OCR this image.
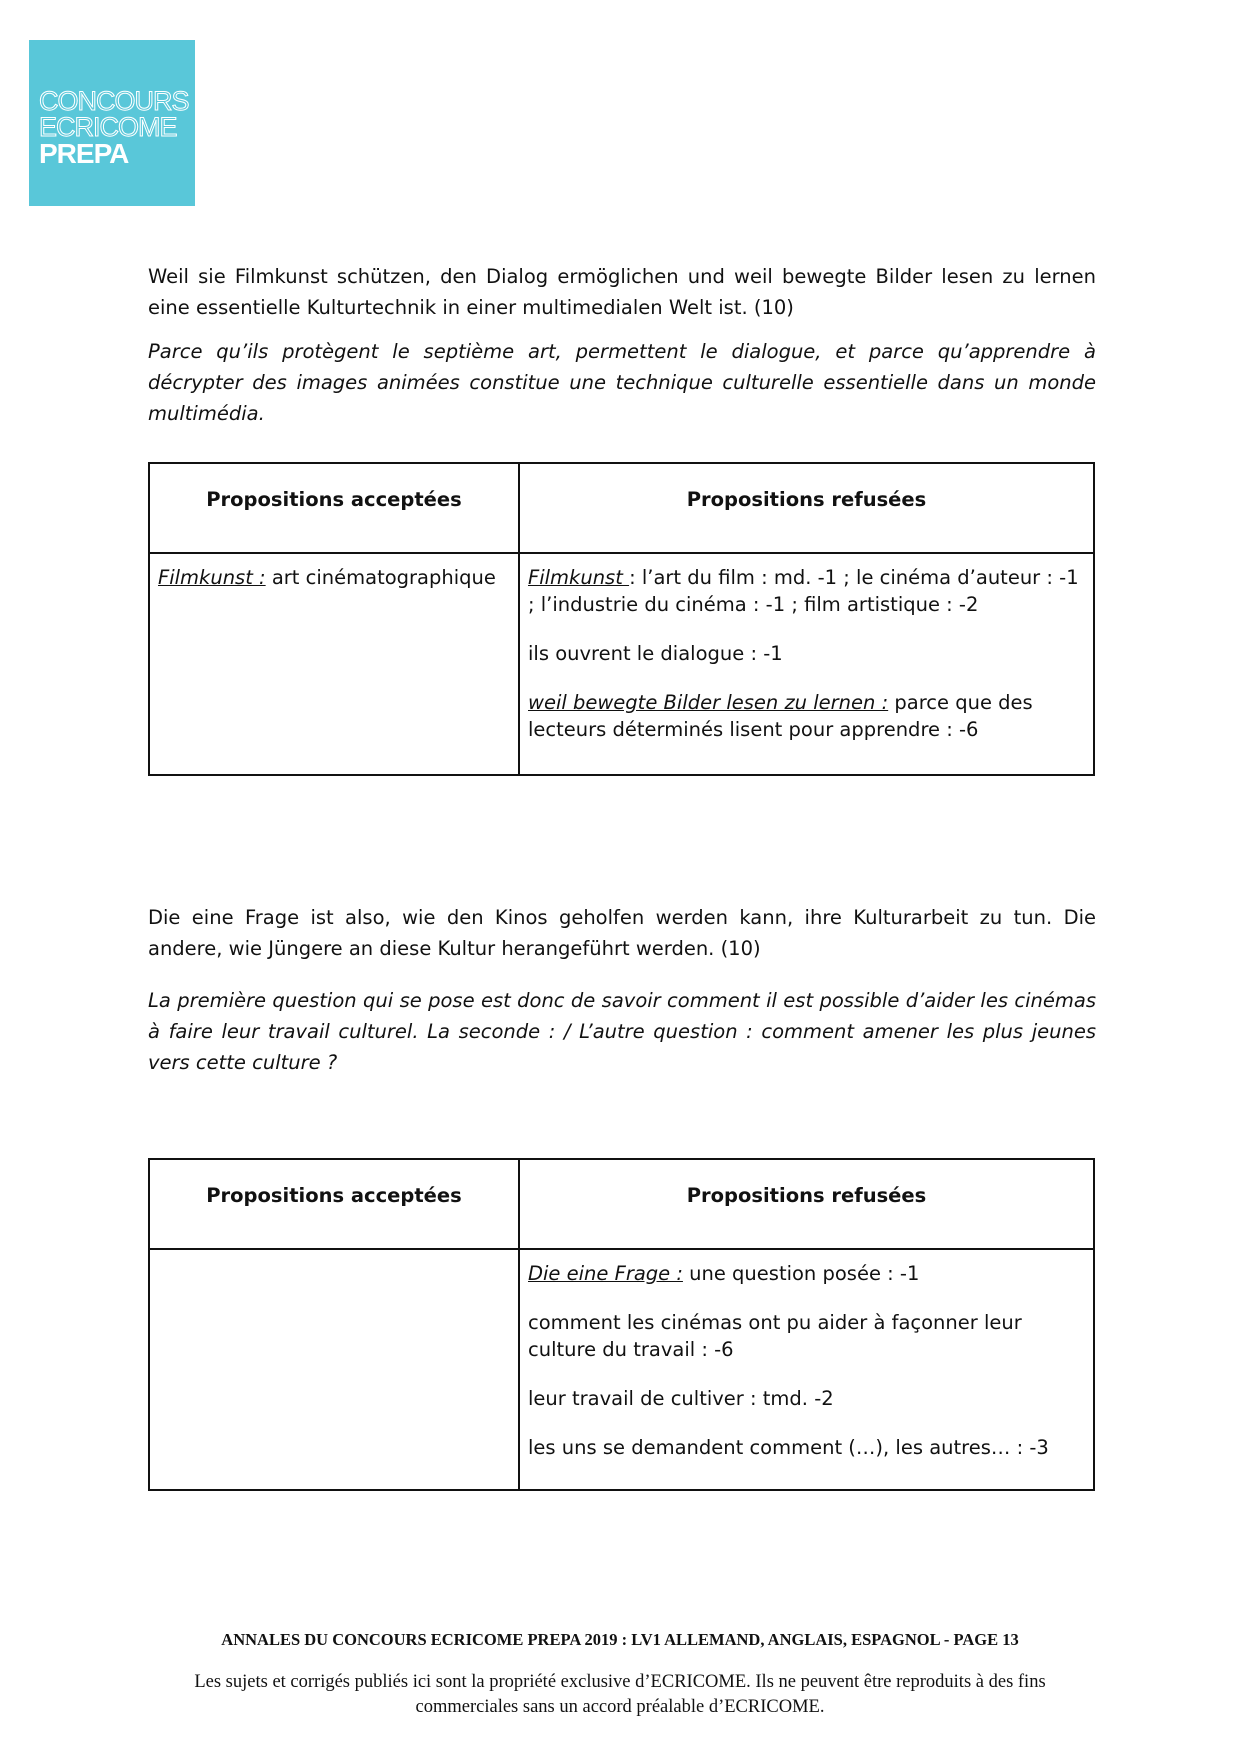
CONCOURS
ECRICOME
PREPA
Weil sie Filmkunst schützen, den Dialog ermöglichen und weil bewegte Bilder lesen zu lernen eine essentielle Kulturtechnik in einer multimedialen Welt ist. (10)
Parce qu’ils protègent le septième art, permettent le dialogue, et parce qu’apprendre à décrypter des images animées constitue une technique culturelle essentielle dans un monde multimédia.
Propositions acceptées	Propositions refusées

Filmkunst : art cinématographique	Filmkunst : l’art du film : md. -1 ; le cinéma d’auteur : -1 ; l’industrie du cinéma : -1 ; film artistique : -2

ils ouvrent le dialogue : -1

weil bewegte Bilder lesen zu lernen : parce que des lecteurs déterminés lisent pour apprendre : -6

Die eine Frage ist also, wie den Kinos geholfen werden kann, ihre Kulturarbeit zu tun. Die andere, wie Jüngere an diese Kultur herangeführt werden. (10)
La première question qui se pose est donc de savoir comment il est possible d’aider les cinémas à faire leur travail culturel. La seconde : / L’autre question : comment amener les plus jeunes vers cette culture ?
Propositions acceptées	Propositions refusées

	Die eine Frage : une question posée : -1

comment les cinémas ont pu aider à façonner leur culture du travail : -6

leur travail de cultiver : tmd. -2

les uns se demandent comment (…), les autres… : -3

ANNALES DU CONCOURS ECRICOME PREPA 2019 : LV1 ALLEMAND, ANGLAIS, ESPAGNOL - PAGE 13
Les sujets et corrigés publiés ici sont la propriété exclusive d’ECRICOME. Ils ne peuvent être reproduits à des fins commerciales sans un accord préalable d’ECRICOME.
